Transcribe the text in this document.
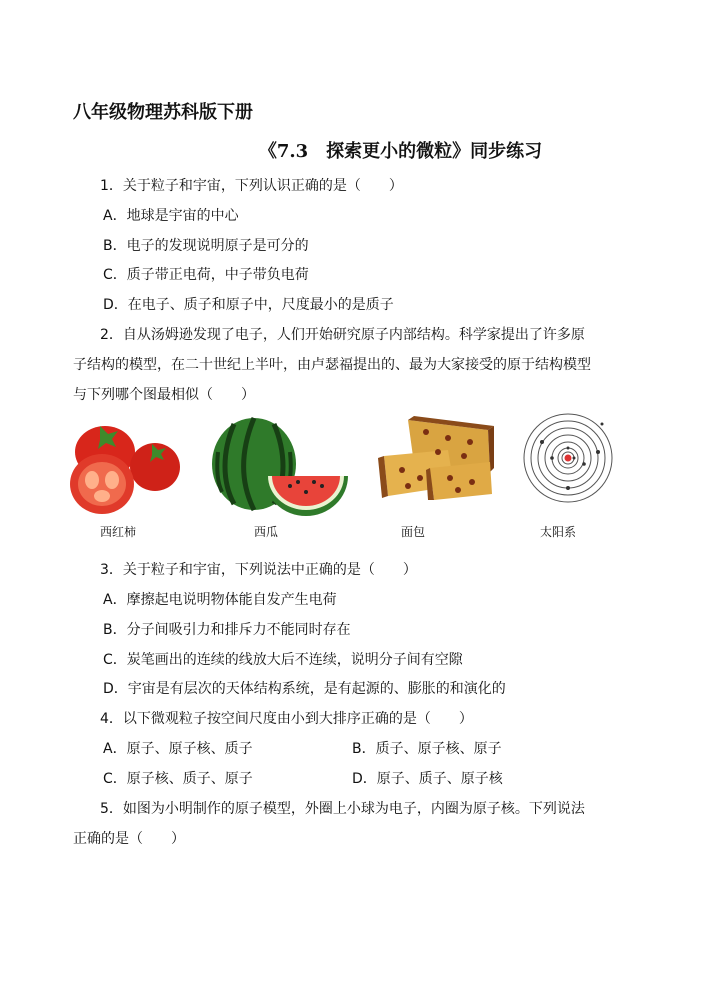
八年级物理苏科版下册
《7.3　探索更小的微粒》同步练习
1．关于粒子和宇宙，下列认识正确的是（　　）
A．地球是宇宙的中心
B．电子的发现说明原子是可分的
C．质子带正电荷，中子带负电荷
D．在电子、质子和原子中，尺度最小的是质子
2．自从汤姆逊发现了电子，人们开始研究原子内部结构。科学家提出了许多原
子结构的模型，在二十世纪上半叶，由卢瑟福提出的、最为大家接受的原于结构模型
与下列哪个图最相似（　　）
西红柿	西瓜	面包	太阳系
3．关于粒子和宇宙，下列说法中正确的是（　　）
A．摩擦起电说明物体能自发产生电荷
B．分子间吸引力和排斥力不能同时存在
C．炭笔画出的连续的线放大后不连续，说明分子间有空隙
D．宇宙是有层次的天体结构系统，是有起源的、膨胀的和演化的
4．以下微观粒子按空间尺度由小到大排序正确的是（　　）
A．原子、原子核、质子	B．质子、原子核、原子
C．原子核、质子、原子	D．原子、质子、原子核
5．如图为小明制作的原子模型，外圈上小球为电子，内圈为原子核。下列说法
正确的是（　　）
